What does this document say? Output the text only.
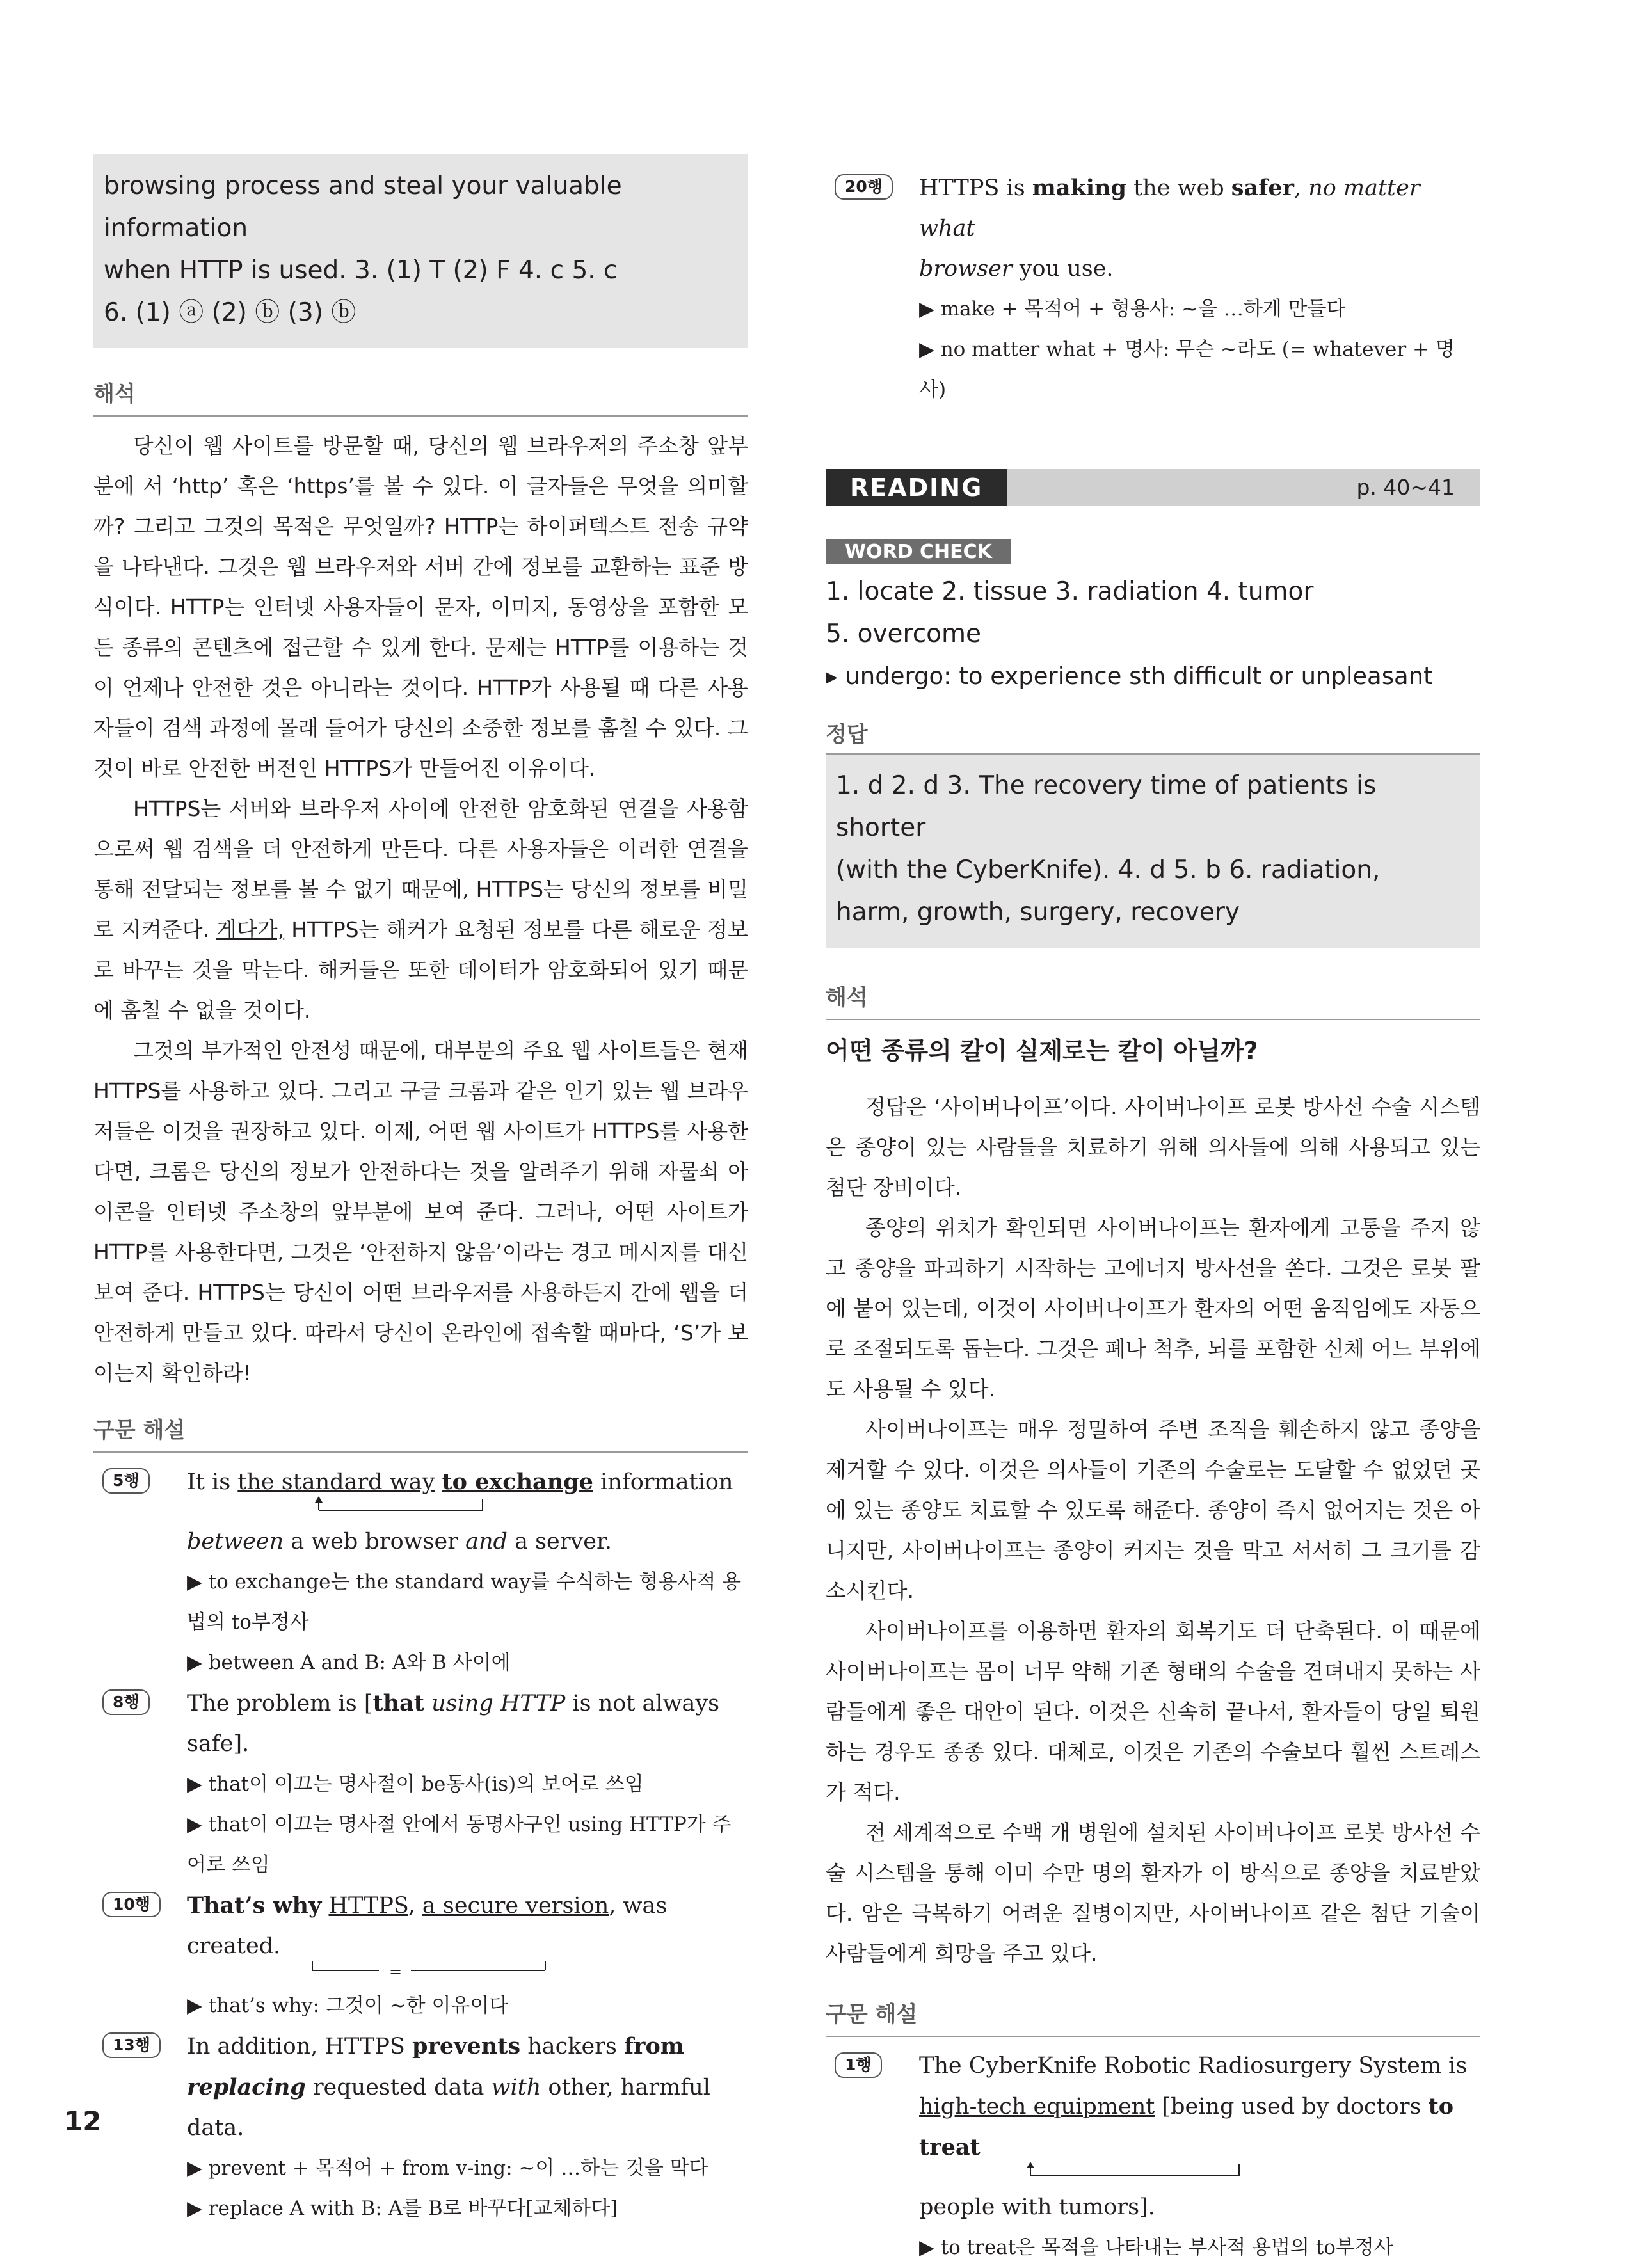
browsing process and steal your valuable information
when HTTP is used. 3. (1) T (2) F 4. c 5. c
6. (1) ⓐ (2) ⓑ (3) ⓑ
해석

당신이 웹 사이트를 방문할 때, 당신의 웹 브라우저의 주소창 앞부분에 서 ‘http’ 혹은 ‘https’를 볼 수 있다. 이 글자들은 무엇을 의미할까? 그리고 그것의 목적은 무엇일까? HTTP는 하이퍼텍스트 전송 규약을 나타낸다. 그것은 웹 브라우저와 서버 간에 정보를 교환하는 표준 방식이다. HTTP는 인터넷 사용자들이 문자, 이미지, 동영상을 포함한 모든 종류의 콘텐츠에 접근할 수 있게 한다. 문제는 HTTP를 이용하는 것이 언제나 안전한 것은 아니라는 것이다. HTTP가 사용될 때 다른 사용자들이 검색 과정에 몰래 들어가 당신의 소중한 정보를 훔칠 수 있다. 그것이 바로 안전한 버전인 HTTPS가 만들어진 이유이다.

HTTPS는 서버와 브라우저 사이에 안전한 암호화된 연결을 사용함으로써 웹 검색을 더 안전하게 만든다. 다른 사용자들은 이러한 연결을 통해 전달되는 정보를 볼 수 없기 때문에, HTTPS는 당신의 정보를 비밀로 지켜준다. 게다가, HTTPS는 해커가 요청된 정보를 다른 해로운 정보로 바꾸는 것을 막는다. 해커들은 또한 데이터가 암호화되어 있기 때문에 훔칠 수 없을 것이다.

그것의 부가적인 안전성 때문에, 대부분의 주요 웹 사이트들은 현재 HTTPS를 사용하고 있다. 그리고 구글 크롬과 같은 인기 있는 웹 브라우저들은 이것을 권장하고 있다. 이제, 어떤 웹 사이트가 HTTPS를 사용한다면, 크롬은 당신의 정보가 안전하다는 것을 알려주기 위해 자물쇠 아이콘을 인터넷 주소창의 앞부분에 보여 준다. 그러나, 어떤 사이트가 HTTP를 사용한다면, 그것은 ‘안전하지 않음’이라는 경고 메시지를 대신 보여 준다. HTTPS는 당신이 어떤 브라우저를 사용하든지 간에 웹을 더 안전하게 만들고 있다. 따라서 당신이 온라인에 접속할 때마다, ‘S’가 보이는지 확인하라!

구문 해설
5행	It is the standard way to exchange information
between a web browser and a server.
▶ to exchange는 the standard way를 수식하는 형용사적 용법의 to부정사
▶ between A and B: A와 B 사이에
8행	The problem is [that using HTTP is not always safe].
▶ that이 이끄는 명사절이 be동사(is)의 보어로 쓰임
▶ that이 이끄는 명사절 안에서 동명사구인 using HTTP가 주어로 쓰임
10행	That’s why HTTPS, a secure version, was created.
=
▶ that’s why: 그것이 ~한 이유이다
13행	In addition, HTTPS prevents hackers from
replacing requested data with other, harmful data.
▶ prevent + 목적어 + from v-ing: ~이 …하는 것을 막다
▶ replace A with B: A를 B로 바꾸다[교체하다]
20행	HTTPS is making the web safer, no matter what
browser you use.
▶ make + 목적어 + 형용사: ~을 …하게 만들다
▶ no matter what + 명사: 무슨 ~라도 (= whatever + 명사)
READING 2
p. 40~41
WORD CHECK
1. locate 2. tissue 3. radiation 4. tumor
5. overcome
▸ undergo: to experience sth difficult or unpleasant
정답
1. d 2. d 3. The recovery time of patients is shorter
(with the CyberKnife). 4. d 5. b 6. radiation,
harm, growth, surgery, recovery
해석
어떤 종류의 칼이 실제로는 칼이 아닐까?

정답은 ‘사이버나이프’이다. 사이버나이프 로봇 방사선 수술 시스템은 종양이 있는 사람들을 치료하기 위해 의사들에 의해 사용되고 있는 첨단 장비이다.

종양의 위치가 확인되면 사이버나이프는 환자에게 고통을 주지 않고 종양을 파괴하기 시작하는 고에너지 방사선을 쏜다. 그것은 로봇 팔에 붙어 있는데, 이것이 사이버나이프가 환자의 어떤 움직임에도 자동으로 조절되도록 돕는다. 그것은 폐나 척추, 뇌를 포함한 신체 어느 부위에도 사용될 수 있다.

사이버나이프는 매우 정밀하여 주변 조직을 훼손하지 않고 종양을 제거할 수 있다. 이것은 의사들이 기존의 수술로는 도달할 수 없었던 곳에 있는 종양도 치료할 수 있도록 해준다. 종양이 즉시 없어지는 것은 아니지만, 사이버나이프는 종양이 커지는 것을 막고 서서히 그 크기를 감소시킨다.

사이버나이프를 이용하면 환자의 회복기도 더 단축된다. 이 때문에 사이버나이프는 몸이 너무 약해 기존 형태의 수술을 견뎌내지 못하는 사람들에게 좋은 대안이 된다. 이것은 신속히 끝나서, 환자들이 당일 퇴원하는 경우도 종종 있다. 대체로, 이것은 기존의 수술보다 훨씬 스트레스가 적다.

전 세계적으로 수백 개 병원에 설치된 사이버나이프 로봇 방사선 수술 시스템을 통해 이미 수만 명의 환자가 이 방식으로 종양을 치료받았다. 암은 극복하기 어려운 질병이지만, 사이버나이프 같은 첨단 기술이 사람들에게 희망을 주고 있다.

구문 해설
1행	The CyberKnife Robotic Radiosurgery System is
high-tech equipment [being used by doctors to treat
people with tumors].
▶ to treat은 목적을 나타내는 부사적 용법의 to부정사
12
